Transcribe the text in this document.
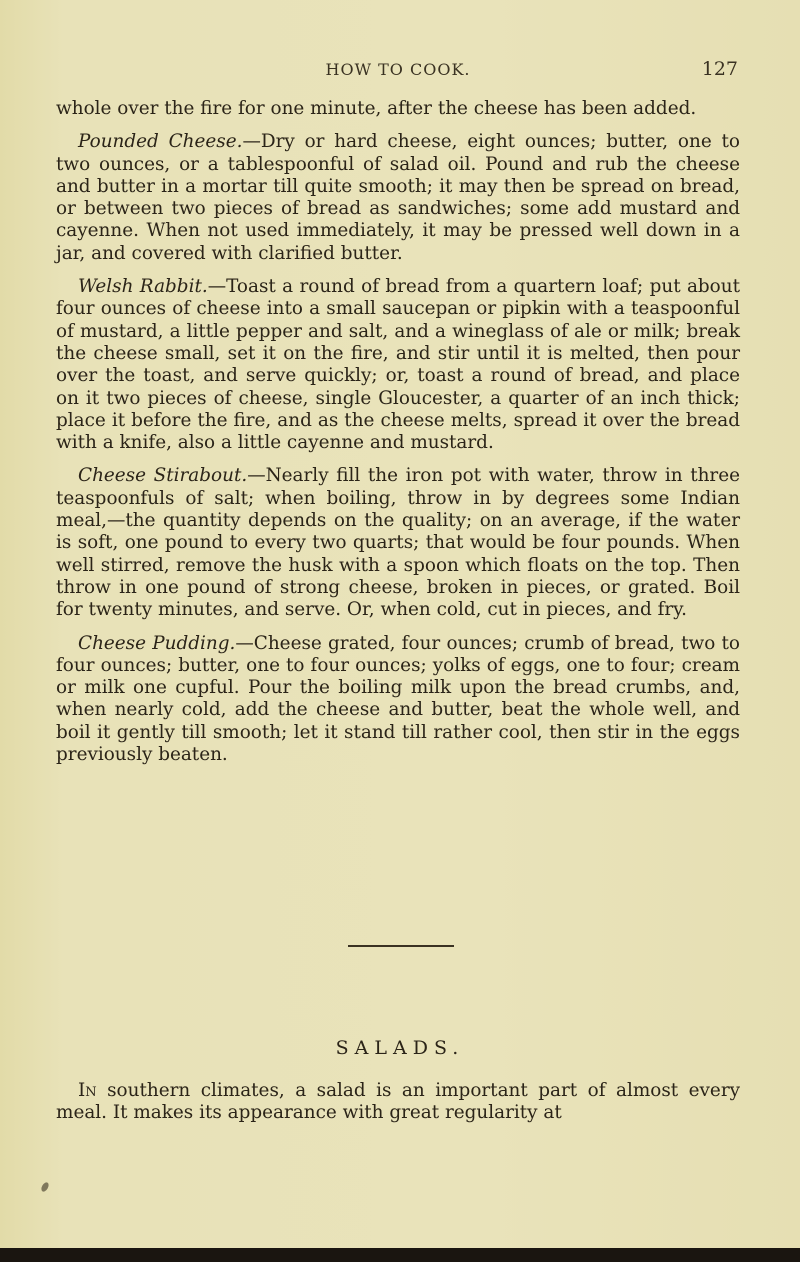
HOW TO COOK.	127

whole over the fire for one minute, after the cheese has been added.

Pounded Cheese.—Dry or hard cheese, eight ounces; butter, one to two ounces, or a tablespoonful of salad oil. Pound and rub the cheese and butter in a mortar till quite smooth; it may then be spread on bread, or between two pieces of bread as sandwiches; some add mustard and cayenne. When not used immediately, it may be pressed well down in a jar, and covered with clarified butter.

Welsh Rabbit.—Toast a round of bread from a quartern loaf; put about four ounces of cheese into a small saucepan or pipkin with a teaspoonful of mustard, a little pepper and salt, and a wineglass of ale or milk; break the cheese small, set it on the fire, and stir until it is melted, then pour over the toast, and serve quickly; or, toast a round of bread, and place on it two pieces of cheese, single Gloucester, a quarter of an inch thick; place it before the fire, and as the cheese melts, spread it over the bread with a knife, also a little cayenne and mustard.

Cheese Stirabout.—Nearly fill the iron pot with water, throw in three teaspoonfuls of salt; when boiling, throw in by degrees some Indian meal,—the quantity depends on the quality; on an average, if the water is soft, one pound to every two quarts; that would be four pounds. When well stirred, remove the husk with a spoon which floats on the top. Then throw in one pound of strong cheese, broken in pieces, or grated. Boil for twenty minutes, and serve. Or, when cold, cut in pieces, and fry.

Cheese Pudding.—Cheese grated, four ounces; crumb of bread, two to four ounces; butter, one to four ounces; yolks of eggs, one to four; cream or milk one cupful. Pour the boiling milk upon the bread crumbs, and, when nearly cold, add the cheese and butter, beat the whole well, and boil it gently till smooth; let it stand till rather cool, then stir in the eggs previously beaten.

SALADS.

In southern climates, a salad is an important part of almost every meal. It makes its appearance with great regularity at
